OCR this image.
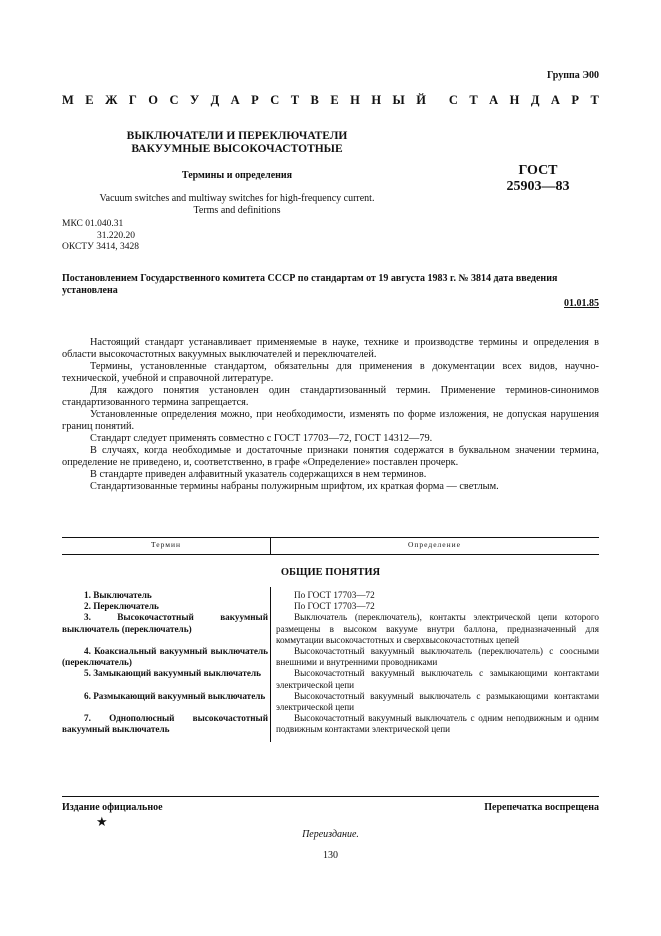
Группа Э00
М Е Ж Г О С У Д А Р С Т В Е Н Н Ы Й С Т А Н Д А Р Т
ВЫКЛЮЧАТЕЛИ И ПЕРЕКЛЮЧАТЕЛИ
ВАКУУМНЫЕ ВЫСОКОЧАСТОТНЫЕ
Термины и определения	ГОСТ
25903—83
Vacuum switches and multiway switches for high-frequency current.
Terms and definitions
МКС 01.040.31
31.220.20
ОКСТУ 3414, 3428
Постановлением Государственного комитета СССР по стандартам от 19 августа 1983 г. № 3814 дата введения установлена
01.01.85

Настоящий стандарт устанавливает применяемые в науке, технике и производстве термины и определения в области высокочастотных вакуумных выключателей и переключателей.

Термины, установленные стандартом, обязательны для применения в документации всех видов, научно-технической, учебной и справочной литературе.

Для каждого понятия установлен один стандартизованный термин. Применение терминов-синонимов стандартизованного термина запрещается.

Установленные определения можно, при необходимости, изменять по форме изложения, не допуская нарушения границ понятий.

Стандарт следует применять совместно с ГОСТ 17703—72, ГОСТ 14312—79.

В случаях, когда необходимые и достаточные признаки понятия содержатся в буквальном значении термина, определение не приведено, и, соответственно, в графе «Определение» поставлен прочерк.

В стандарте приведен алфавитный указатель содержащихся в нем терминов.

Стандартизованные термины набраны полужирным шрифтом, их краткая форма — светлым.

Термин	Определение
ОБЩИЕ ПОНЯТИЯ
1. Выключатель	По ГОСТ 17703—72
2. Переключатель	По ГОСТ 17703—72
3. Высокочастотный вакуумный выключатель (переключатель)
Выключатель (переключатель), контакты электрической цепи которого размещены в высоком вакууме внутри баллона, предназначенный для коммутации высокочастотных и сверхвысокочастотных цепей
4. Коаксиальный вакуумный выключатель (переключатель)
Высокочастотный вакуумный выключатель (переключатель) с соосными внешними и внутренними проводниками
5. Замыкающий вакуумный выключатель	Высокочастотный вакуумный выключатель с замыкающими контактами электрической цепи
6. Размыкающий вакуумный выключатель	Высокочастотный вакуумный выключатель с размыкающими контактами электрической цепи
7. Однополюсный высокочастотный вакуумный выключатель
Высокочастотный вакуумный выключатель с одним неподвижным и одним подвижным контактами электрической цепи
Издание официальное	Перепечатка воспрещена
★
Переиздание.
130
